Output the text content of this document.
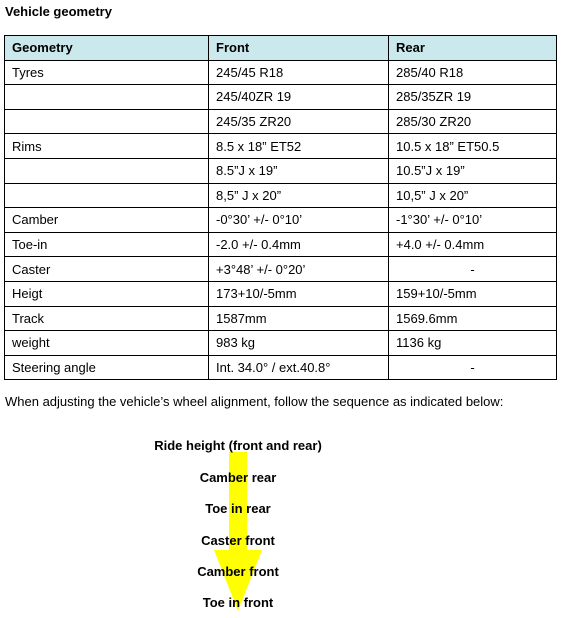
Vehicle geometry
Geometry	Front	Rear
Tyres	245/45 R18	285/40 R18
	245/40ZR 19	285/35ZR 19
	245/35 ZR20	285/30 ZR20
Rims	8.5 x 18” ET52	10.5 x 18” ET50.5
	8.5”J x 19”	10.5”J x 19”
	8,5” J x 20”	10,5” J x 20”
Camber	-0°30’ +/- 0°10’	-1°30’ +/- 0°10’
Toe-in	-2.0 +/- 0.4mm	+4.0 +/- 0.4mm
Caster	+3°48’ +/- 0°20’	-
Heigt	173+10/-5mm	159+10/-5mm
Track	1587mm	1569.6mm
weight	983 kg	1136 kg
Steering angle	Int. 34.0° / ext.40.8°	-
When adjusting the vehicle’s wheel alignment, follow the sequence as indicated below:
Ride height (front and rear)
Camber rear
Toe in rear
Caster front
Camber front
Toe in front
